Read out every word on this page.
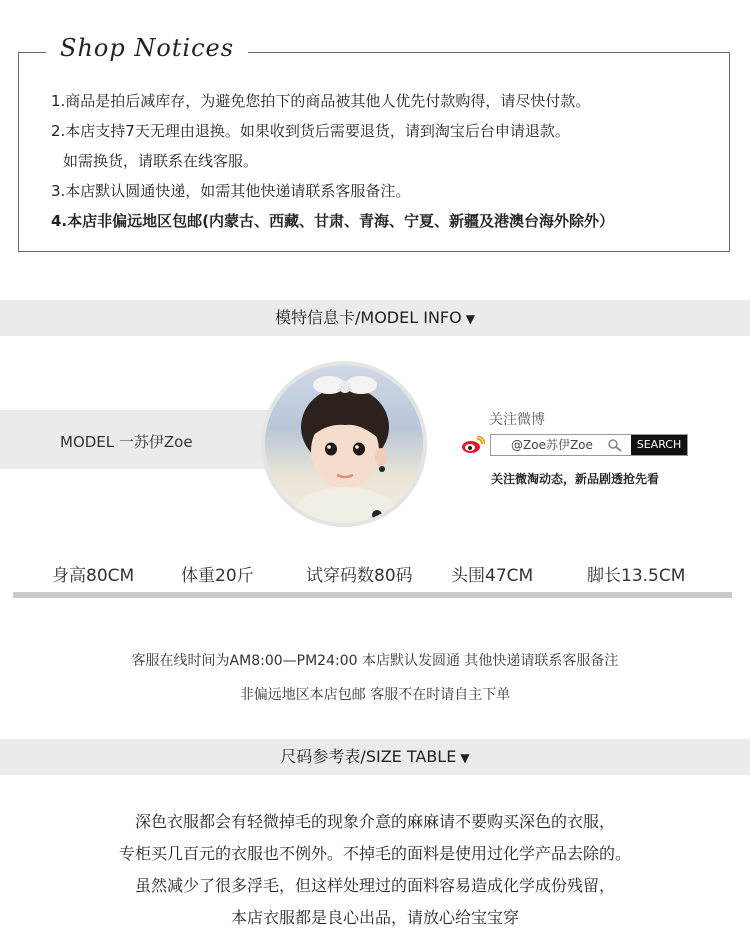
1.商品是拍后减库存，为避免您拍下的商品被其他人优先付款购得，请尽快付款。
2.本店支持7天无理由退换。如果收到货后需要退货，请到淘宝后台申请退款。
如需换货，请联系在线客服。
3.本店默认圆通快递，如需其他快递请联系客服备注。
4.本店非偏远地区包邮(内蒙古、西藏、甘肃、青海、宁夏、新疆及港澳台海外除外）
Shop Notices
模特信息卡/MODEL INFO ▼
MODEL 一苏伊Zoe
关注微博
@Zoe苏伊Zoe
SEARCH
关注微淘动态，新品剧透抢先看
身高80CM	体重20斤	试穿码数80码 头围47CM	脚长13.5CM
客服在线时间为AM8:00—PM24:00 本店默认发圆通 其他快递请联系客服备注
非偏远地区本店包邮 客服不在时请自主下单
尺码参考表/SIZE TABLE ▼
深色衣服都会有轻微掉毛的现象介意的麻麻请不要购买深色的衣服，
专柜买几百元的衣服也不例外。不掉毛的面料是使用过化学产品去除的。
虽然减少了很多浮毛，但这样处理过的面料容易造成化学成份残留，
本店衣服都是良心出品，请放心给宝宝穿
